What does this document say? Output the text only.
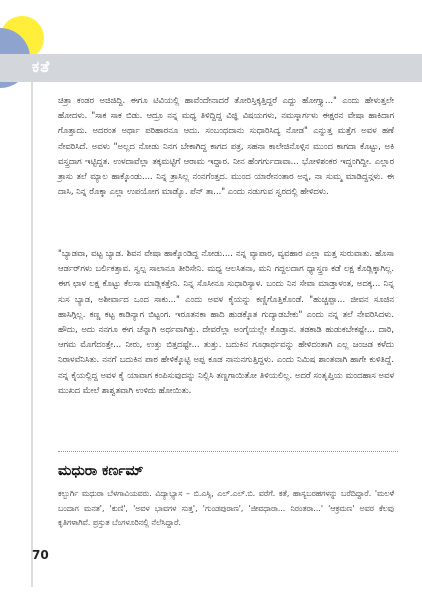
ಕತೆ
ಚಿತ್ರಾ ಕಂಡರ ಅಜಿಜಿದ್ದಿ. ಈಗೂ ಟಿವಿಯಲ್ಲಿ ಹಾವೆಂದೇನಾದರೆ ತೋರಿಸ್ತಿಕ್ಕತ್ತಿದ್ದರೆ ಎದ್ದು ಹೋಗ್ತ್ಯಾ..." ಎಂದು ಹೇಳುತ್ತಲೇ ಹೋದಳು. "ಸಾಕ ಸಾಕ ಬಿಡು. ಆದ್ರೂ ನನ್ನ ಮಧ್ಯ ತಿಳಿದ್ದಿದ್ದ ವಿಜ್ಞಿ ವಿಷಯಗಳು, ನಮಸ್ಕಾರ್ಗಳು ಈಕ್ಷರನ ವೇಷಾ ಹಾಕಿದಾಗ ಗೊತ್ತಾದು. ಅದರಂತ ಅರ್ಥಾ ಪರಿಹಾರನೂ ಆದು. ಸಂಬಂಧದಾನು ಸುಧಾರಿಸಿದ್ಯ ನೋಡ" ಎನ್ನುತ್ತ ಮತ್ತೆಗ ಅವಳ ಹಣೆ ನೇವರಿಸಿದೆ. ಅವಳು "ಅಲ್ಲದ ನೋಡು ನಿನಗ ಬೇಕಾಗಿದ್ದ ಕಾಗದ ಪತ್ರ, ಸಹನಾ ಕಾಲೇಜಿನೊಳ್ಗಿನ ಮುಂದ ಕಾಗದಾ ಕೊಟ್ಟು, ಅಕಿ ವಸ್ತ್ರದಾಗ ಇಟ್ಟಿದ್ದತ. ಉಳದಾವೆಲ್ಲಾ ತಕ್ಕಮಟ್ಟಿಗೆ ಆರಾಮ ಇದ್ದಾರ. ನೀನ ಹೆಂಗರ್ಗುದಾವಾ... ಭೋಳಿಶಂಕರ ಇದ್ದಂಗಿದ್ದೀ. ಎಲ್ಲಾರ ತ್ರಾಸು ತಲೆ ಮ್ಯಾಲ ಹಾಕ್ಕೊಂಡು.... ನಿನ್ನ ತ್ರಾಸಿಲ್ಲ ನಂನಗೆಂತ್ತದ. ಮುಂದ ಯಾರೇನಂತಾರ ಅನ್ನ, ನಾ ಸುಮ್ಮ ಮಾಡಿದ್ದನ್ಗಳು. ಈ ದಾಸಿ, ನಿನ್ನ ರೊಕ್ಕಾ ಎಲ್ಲಾ ಉಪಯೋಗ ಮಾಡ್ಯೊ. ಪೆನ್ ತಾ..." ಎಂದು ನಡುಗುವ ಸ್ವರದಲ್ಲಿ ಹೇಳಿದಳು.
"ಬ್ಯಾಡವಾ, ವಟ್ಟ ಬ್ಯಾಡ. ಶಿವನ ವೇಷಾ ಹಾಕ್ಕೊಂಡಿದ್ದ ನೋಡು.... ನನ್ನ ವ್ಯಾಪಾರ, ವ್ಯವಹಾರ ಎಲ್ಲಾ ಮತ್ತ ಸುರುವಾತು. ಹೊಸಾ ಆರ್ಡರ್‌ಗಳು ಬರ್ಲಿಕತ್ತಾವ. ಸ್ವಲ್ಪ ಸಾಲಾನೂ ತೀರಿಸೇನಿ. ಮಧ್ಯ ಆಲಸಿತನಾ, ಮನಿ ಗದ್ದಲದಾಗ ಧ್ಯಾಸ್ತ್ರಣ ಕಡೆ ಲಕ್ಷ ಕೊಡ್ಲಿಕ್ಕಾಗಿಲ್ಲ. ಈಗ ಛಾಳ ಲಕ್ಷ ಕೊಟ್ಟು ಕೆಲಸಾ ಮಾಡ್ಲಿಕತ್ತೇನಿ. ನಿನ್ನ ಸೊಸೀನೂ ಸುಧಾರಿಸ್ಯಾಳ. ಬಂದು ನಿನ ಸೇವಾ ಮಾಡ್ತಾಳಂತ, ಅದಕ್ಕ... ನಿನ್ನ ಸುಸ ಬ್ಯಾಡ, ಅಶೀರ್ವಾದ ಒಂದ ಸಾಕು..." ಎಂದು ಅವಳ ಕೈಯನ್ನು ಕಣ್ಣಿಗೊತ್ತಿಕೊಂಡೆ. "ಹುಚ್ಚಪ್ಪಾ... ಜೀವನ ಸೂಜಿನ ಹಾಸಿಗ್ಗಿಲ್ಲ. ಕಣ್ಣ ಕಟ್ಟ ಕಾಡಿನ್ಯಾಗ ಬಿಟ್ಟಂಗ. ಇರೂತನಕಾ ಹಾದಿ ಹುಡಕ್ಕೊತ ಗುದ್ಯಾಡಬೇಕು" ಎಂದು ನನ್ನ ತಲೆ ನೇವರಿಸಿದಳು. ಹೌದು, ಅದು ನನಗೂ ಈಗ ಚೆನ್ನಾಗಿ ಅರ್ಥವಾಗಿತ್ತು. ದೇವರೆಲ್ಲಾ ಅಂಗೈಯಲ್ಲೇ ಕೊಡ್ತಾನ. ತಡಕಾಡಿ ಹುಡುಕಬೇಕಷ್ಟೇ... ದಾರಿ, ಆಗಮ ಮೊಗೆದಂತ್ತೇ... ನೀರು, ಉತ್ತು ಬಿತ್ತದಷ್ಟೇ... ತುತ್ತು. ಬದುಕಿನ ಗೂಢಾರ್ಥವನ್ನು ಹೇಳಿದಂತಾಗಿ ಎಲ್ಲ ಜಂಜಡ ಕಳೆದು ನಿರಾಳವೆನಿಸಿತು. ನನಗೆ ಬದುಕಿನ ಪಾಠ ಹೇಳಿಕ್ಕೊಟ್ಟಿ ಅಪ್ಪ ಕೂಡ ನಾನುನಗುತ್ತಿದ್ದಳು. ಎಂದು ನಿಮಿಷ ಶಾಂತವಾಗಿ ಹಾಗೇ ಕುಳಿತಿದ್ದೆ. ನನ್ನ ಕೈಯಲ್ಲಿದ್ದ ಅವಳ ಕೈ ಯಾವಾಗ ಕಂಪಿಸುವುದನ್ನು ನಿಲ್ಲಿಸಿ ತಣ್ಣಗಾಯಿತೋ ತಿಳಿಯಲಿಲ್ಲ. ಅದರೆ ಸಂತೃಪ್ತಿಯ ಮಂದಹಾಸ ಅವಳ ಮುಖದ ಮೇಲೆ ಶಾಶ್ವತವಾಗಿ ಉಳಿದು ಹೋಯಿತು.
ಮಧುರಾ ಕರ್ಣಮ್
ಕಲ್ಬುರ್ಗಿ ಮಧುರಾ ಬೆಳಗಾವಿಯವರು. ವಿದ್ಯಾಭ್ಯಾಸ – ಬಿ.ಎಸ್ಸಿ, ಎಲ್.ಎಲ್.ಬಿ. ವರೆಗೆ. ಕತೆ, ಹಾಸ್ಯಬರಹಗಳನ್ನು ಬರೆದಿದ್ದಾರೆ. 'ಮಲಳೆ ಬಂದಾಗ ಮನತ', 'ಕುಣಿ', 'ಅವಳ ಭಾವಗಳ ಸುತ್ತ', 'ಗುಂಡಪುರಾಣ', 'ಜೀವಧಾರಾ... ನಿರಂತರಾ...' 'ಆಕ್ರಮಣ' ಅವರ ಕೆಲವು ಕೃತಿಗಳಾಗಿವೆ. ಪ್ರಸ್ತುತ ಬೆಂಗಳೂರಿನಲ್ಲಿ ನೆಲೆಸಿದ್ದಾರೆ.
70
